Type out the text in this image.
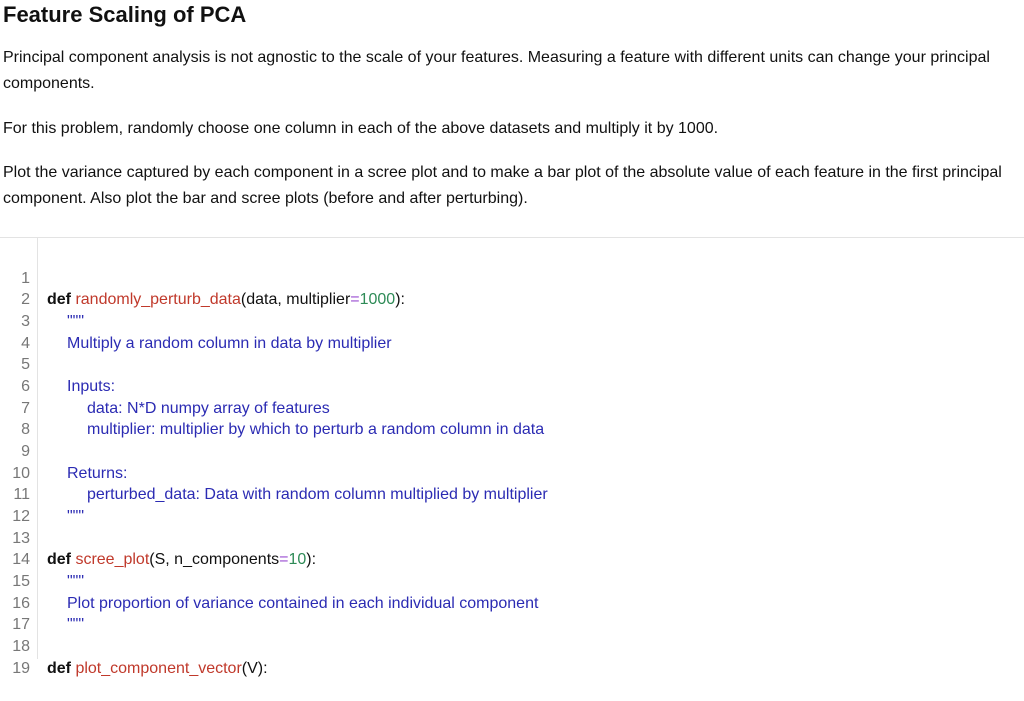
Feature Scaling of PCA

Principal component analysis is not agnostic to the scale of your features. Measuring a feature with different units can change your principal components.

For this problem, randomly choose one column in each of the above datasets and multiply it by 1000.

Plot the variance captured by each component in a scree plot and to make a bar plot of the absolute value of each feature in the first principal component. Also plot the bar and scree plots (before and after perturbing).

1

def randomly_perturb_data(data, multiplier=1000):

2

"""

3

Multiply a random column in data by multiplier

4

5

Inputs:

6

data: N*D numpy array of features

7

multiplier: multiplier by which to perturb a random column in data

8

9

Returns:

10

perturbed_data: Data with random column multiplied by multiplier

11

"""

12

13

def scree_plot(S, n_components=10):

14

"""

15

Plot proportion of variance contained in each individual component

16

"""

17

18

def plot_component_vector(V):

19
